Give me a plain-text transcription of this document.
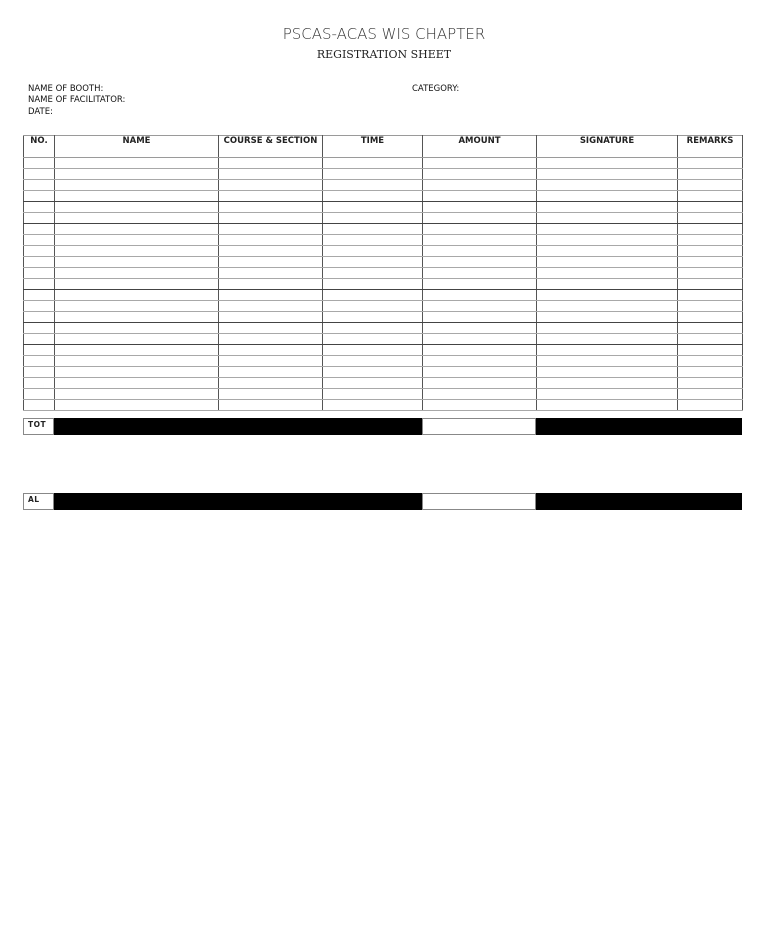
PSCAS-ACAS WIS CHAPTER
REGISTRATION SHEET
NAME OF BOOTH:
NAME OF FACILITATOR:
DATE:
CATEGORY:
NO.	NAME	COURSE & SECTION	TIME	AMOUNT	SIGNATURE	REMARKS

TOT
AL
